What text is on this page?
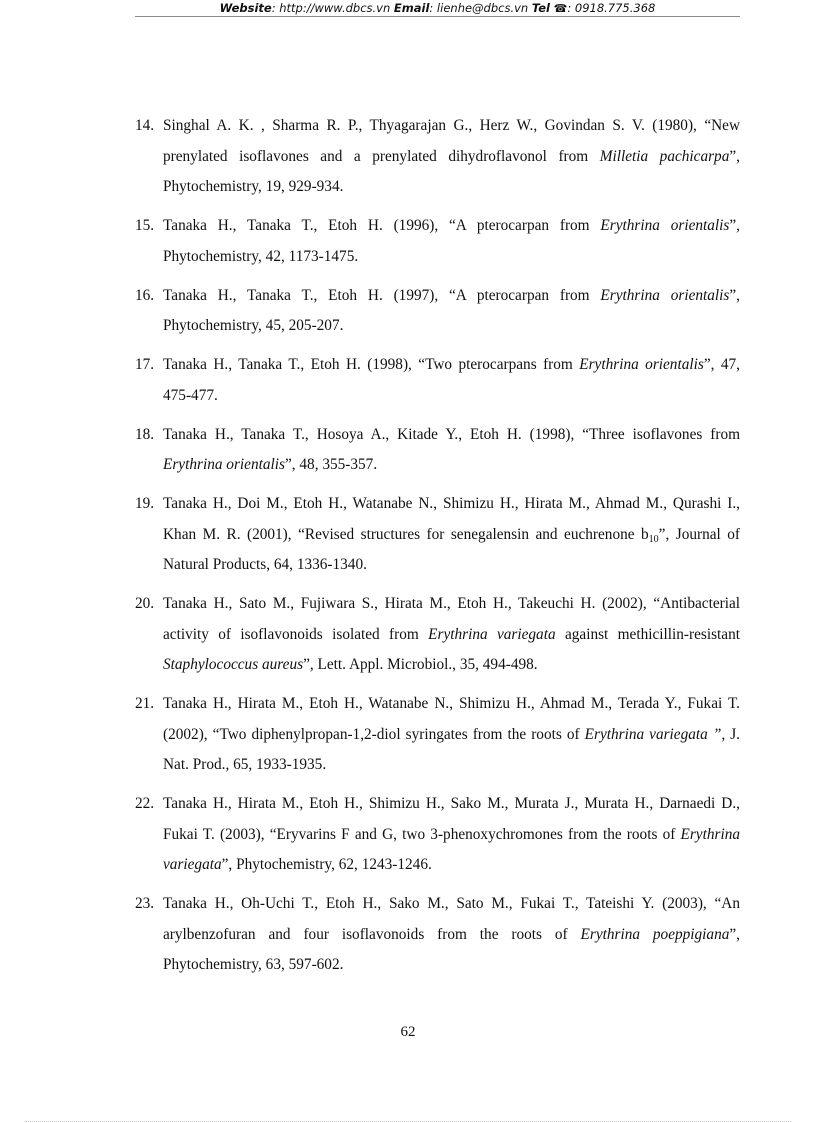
Website: http://www.dbcs.vn Email: lienhe@dbcs.vn Tel ☎: 0918.775.368
14. Singhal A. K. , Sharma R. P., Thyagarajan G., Herz W., Govindan S. V. (1980), “New prenylated isoflavones and a prenylated dihydroflavonol from Milletia pachicarpa”, Phytochemistry, 19, 929-934.
15. Tanaka H., Tanaka T., Etoh H. (1996), “A pterocarpan from Erythrina orientalis”, Phytochemistry, 42, 1173-1475.
16. Tanaka H., Tanaka T., Etoh H. (1997), “A pterocarpan from Erythrina orientalis”, Phytochemistry, 45, 205-207.
17. Tanaka H., Tanaka T., Etoh H. (1998), “Two pterocarpans from Erythrina orientalis”, 47, 475-477.
18. Tanaka H., Tanaka T., Hosoya A., Kitade Y., Etoh H. (1998), “Three isoflavones from Erythrina orientalis”, 48, 355-357.
19. Tanaka H., Doi M., Etoh H., Watanabe N., Shimizu H., Hirata M., Ahmad M., Qurashi I., Khan M. R. (2001), “Revised structures for senegalensin and euchrenone $b_{10}$”, Journal of Natural Products, 64, 1336-1340.
20. Tanaka H., Sato M., Fujiwara S., Hirata M., Etoh H., Takeuchi H. (2002), “Antibacterial activity of isoflavonoids isolated from Erythrina variegata against methicillin-resistant Staphylococcus aureus”, Lett. Appl. Microbiol., 35, 494-498.
21. Tanaka H., Hirata M., Etoh H., Watanabe N., Shimizu H., Ahmad M., Terada Y., Fukai T. (2002), “Two diphenylpropan-1,2-diol syringates from the roots of Erythrina variegata ”, J. Nat. Prod., 65, 1933-1935.
22. Tanaka H., Hirata M., Etoh H., Shimizu H., Sako M., Murata J., Murata H., Darnaedi D., Fukai T. (2003), “Eryvarins F and G, two 3-phenoxychromones from the roots of Erythrina variegata”, Phytochemistry, 62, 1243-1246.
23. Tanaka H., Oh-Uchi T., Etoh H., Sako M., Sato M., Fukai T., Tateishi Y. (2003), “An arylbenzofuran and four isoflavonoids from the roots of Erythrina poeppigiana”, Phytochemistry, 63, 597-602.
62
